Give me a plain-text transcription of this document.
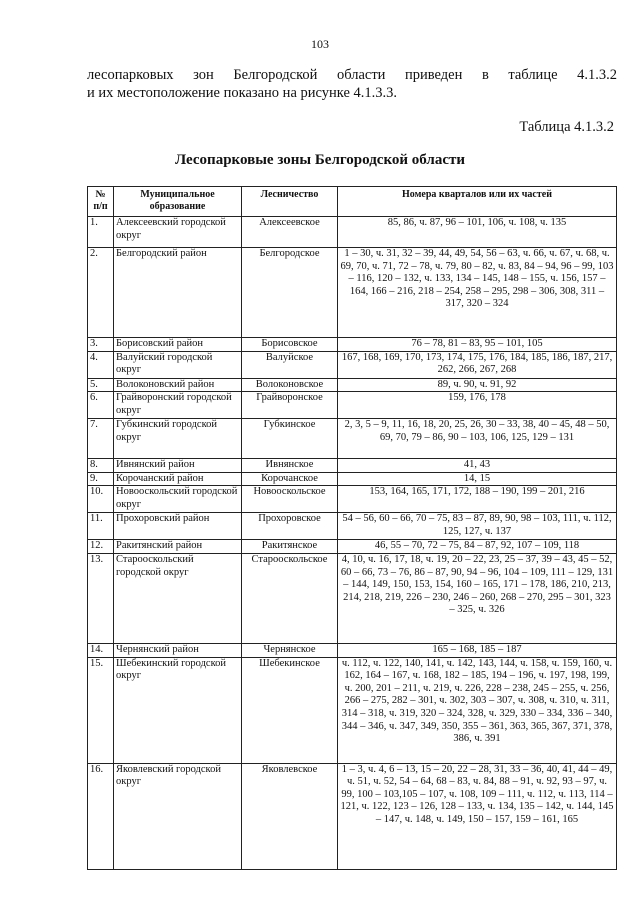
103
лесопарковых зон Белгородской области приведен в таблице 4.1.3.2
и их местоположение показано на рисунке 4.1.3.3.
Таблица 4.1.3.2
Лесопарковые зоны Белгородской области
№ п/п	Муниципальное образование	Лесничество	Номера кварталов или их частей
1.	Алексеевский городской округ	Алексеевское	85, 86, ч. 87, 96 – 101, 106, ч. 108, ч. 135
2.	Белгородский район	Белгородское	1 – 30, ч. 31, 32 – 39, 44, 49, 54, 56 – 63, ч. 66, ч. 67, ч. 68, ч. 69, 70, ч. 71, 72 – 78, ч. 79, 80 – 82, ч. 83, 84 – 94, 96 – 99, 103 – 116, 120 – 132, ч. 133, 134 – 145, 148 – 155, ч. 156, 157 – 164, 166 – 216, 218 – 254, 258 – 295, 298 – 306, 308, 311 – 317, 320 – 324
3.	Борисовский район	Борисовское	76 – 78, 81 – 83, 95 – 101, 105
4.	Валуйский городской округ	Валуйское	167, 168, 169, 170, 173, 174, 175, 176, 184, 185, 186, 187, 217, 262, 266, 267, 268
5.	Волоконовский район	Волоконовское	89, ч. 90, ч. 91, 92
6.	Грайворонский городской округ	Грайворонское	159, 176, 178
7.	Губкинский городской округ	Губкинское	2, 3, 5 – 9, 11, 16, 18, 20, 25, 26, 30 – 33, 38, 40 – 45, 48 – 50, 69, 70, 79 – 86, 90 – 103, 106, 125, 129 – 131
8.	Ивнянский район	Ивнянское	41, 43
9.	Корочанский район	Корочанское	14, 15
10.	Новооскольский городской округ	Новооскольское	153, 164, 165, 171, 172, 188 – 190, 199 – 201, 216
11.	Прохоровский район	Прохоровское	54 – 56, 60 – 66, 70 – 75, 83 – 87, 89, 90, 98 – 103, 111, ч. 112, 125, 127, ч. 137
12.	Ракитянский район	Ракитянское	46, 55 – 70, 72 – 75, 84 – 87, 92, 107 – 109, 118
13.	Старооскольский городской округ	Старооскольское	4, 10, ч. 16, 17, 18, ч. 19, 20 – 22, 23, 25 – 37, 39 – 43, 45 – 52, 60 – 66, 73 – 76, 86 – 87, 90, 94 – 96, 104 – 109, 111 – 129, 131 – 144, 149, 150, 153, 154, 160 – 165, 171 – 178, 186, 210, 213, 214, 218, 219, 226 – 230, 246 – 260, 268 – 270, 295 – 301, 323 – 325, ч. 326
14.	Чернянский район	Чернянское	165 – 168, 185 – 187
15.	Шебекинский городской округ	Шебекинское	ч. 112, ч. 122, 140, 141, ч. 142, 143, 144, ч. 158, ч. 159, 160, ч. 162, 164 – 167, ч. 168, 182 – 185, 194 – 196, ч. 197, 198, 199, ч. 200, 201 – 211, ч. 219, ч. 226, 228 – 238, 245 – 255, ч. 256, 266 – 275, 282 – 301, ч. 302, 303 – 307, ч. 308, ч. 310, ч. 311, 314 – 318, ч. 319, 320 – 324, 328, ч. 329, 330 – 334, 336 – 340, 344 – 346, ч. 347, 349, 350, 355 – 361, 363, 365, 367, 371, 378, 386, ч. 391
16.	Яковлевский городской округ	Яковлевское	1 – 3, ч. 4, 6 – 13, 15 – 20, 22 – 28, 31, 33 – 36, 40, 41, 44 – 49, ч. 51, ч. 52, 54 – 64, 68 – 83, ч. 84, 88 – 91, ч. 92, 93 – 97, ч. 99, 100 – 103,105 – 107, ч. 108, 109 – 111, ч. 112, ч. 113, 114 – 121, ч. 122, 123 – 126, 128 – 133, ч. 134, 135 – 142, ч. 144, 145 – 147, ч. 148, ч. 149, 150 – 157, 159 – 161, 165
